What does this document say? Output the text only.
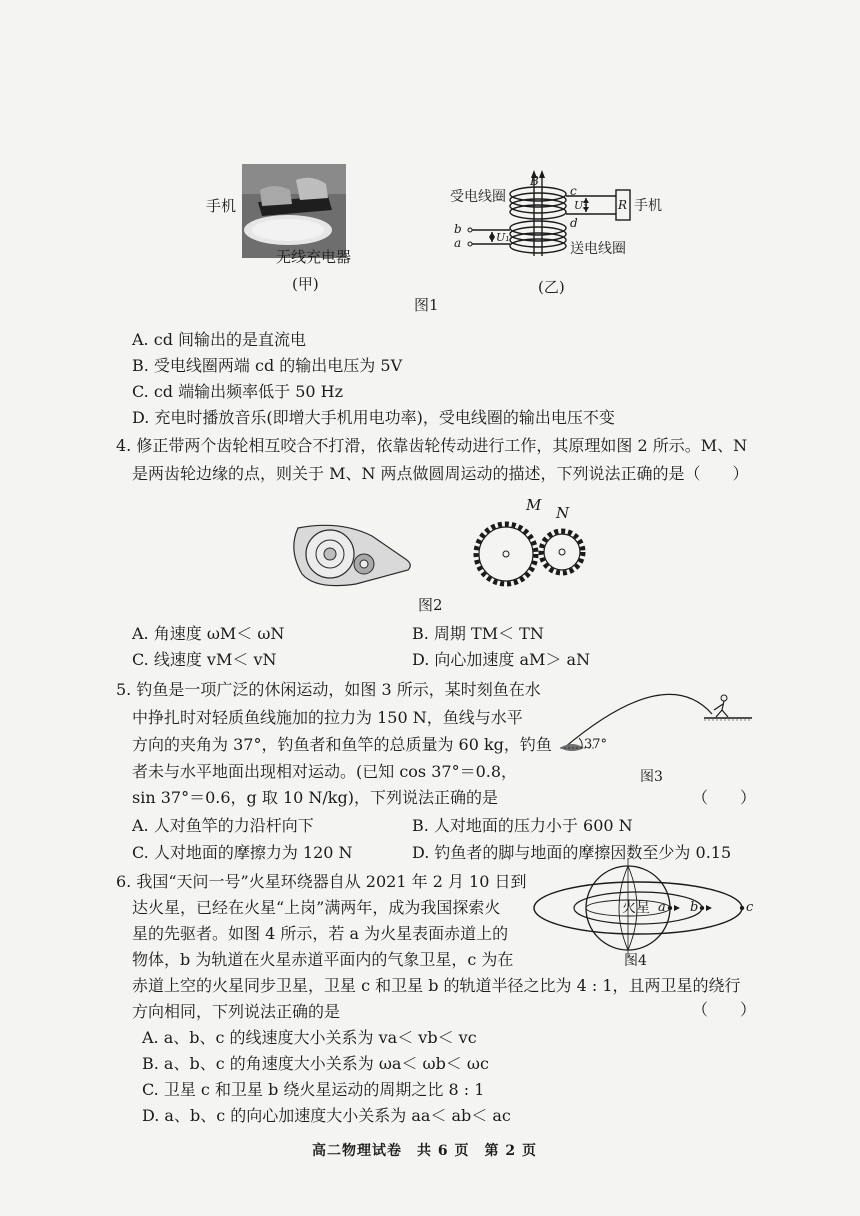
手机
无线充电器
(甲)
受电线圈
送电线圈
手机
B
c
d
b
a
U₂
U₁
R
(乙)
图1
A. cd 间输出的是直流电
B. 受电线圈两端 cd 的输出电压为 5V
C. cd 端输出频率低于 50 Hz
D. 充电时播放音乐(即增大手机用电功率)，受电线圈的输出电压不变
4. 修正带两个齿轮相互咬合不打滑，依靠齿轮传动进行工作，其原理如图 2 所示。M、N
是两齿轮边缘的点，则关于 M、N 两点做圆周运动的描述，下列说法正确的是（　　）
M N
图2
A. 角速度 ωM＜ ωN	B. 周期 TM＜ TN
C. 线速度 vM＜ vN	D. 向心加速度 aM＞ aN
5. 钓鱼是一项广泛的休闲运动，如图 3 所示，某时刻鱼在水
中挣扎时对轻质鱼线施加的拉力为 150 N，鱼线与水平
方向的夹角为 37°，钓鱼者和鱼竿的总质量为 60 kg，钓鱼
者未与水平地面出现相对运动。(已知 cos 37°＝0.8，
sin 37°＝0.6，g 取 10 N/kg)，下列说法正确的是	（　　）
37°
图3
A. 人对鱼竿的力沿杆向下	B. 人对地面的压力小于 600 N
C. 人对地面的摩擦力为 120 N	D. 钓鱼者的脚与地面的摩擦因数至少为 0.15
6. 我国“天问一号”火星环绕器自从 2021 年 2 月 10 日到
达火星，已经在火星“上岗”满两年，成为我国探索火
星的先驱者。如图 4 所示，若 a 为火星表面赤道上的
物体，b 为轨道在火星赤道平面内的气象卫星，c 为在
赤道上空的火星同步卫星，卫星 c 和卫星 b 的轨道半径之比为 4 : 1，且两卫星的绕行
方向相同，下列说法正确的是	（　　）
火星 a b	c
图4
A. a、b、c 的线速度大小关系为 va＜ vb＜ vc
B. a、b、c 的角速度大小关系为 ωa＜ ωb＜ ωc
C. 卫星 c 和卫星 b 绕火星运动的周期之比 8 : 1
D. a、b、c 的向心加速度大小关系为 aa＜ ab＜ ac
高二物理试卷　共 6 页　第 2 页
